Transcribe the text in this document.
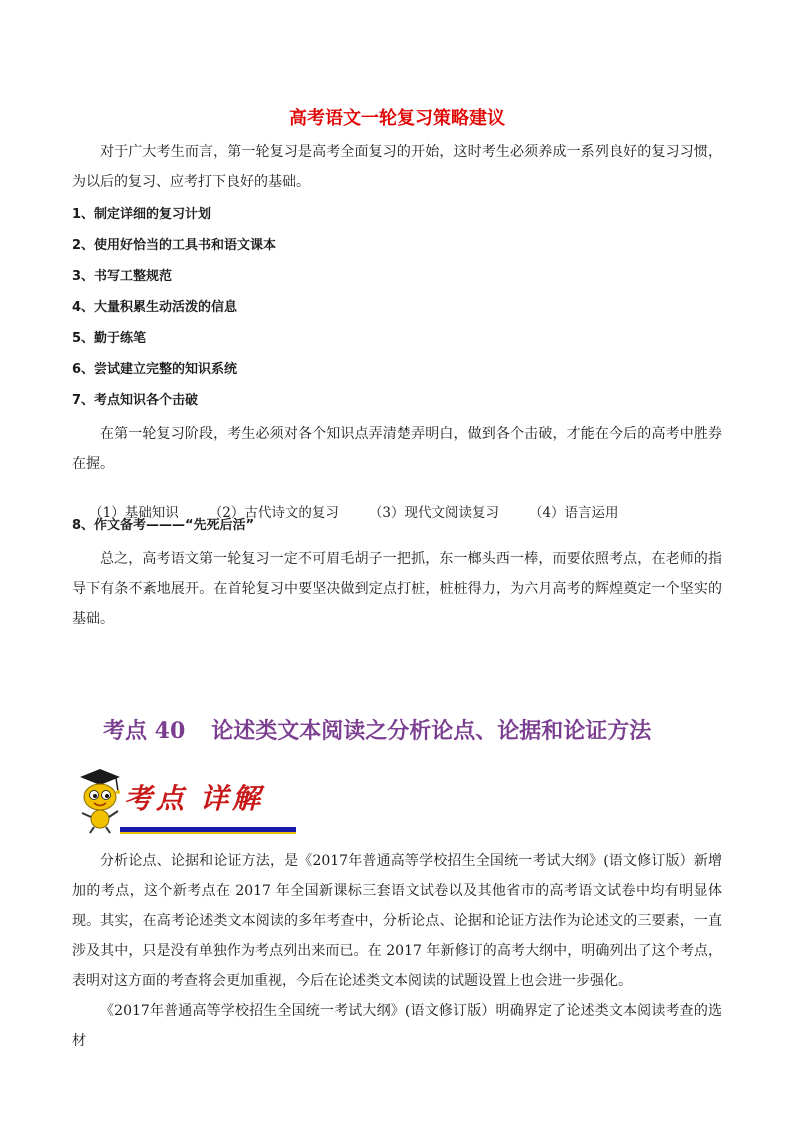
高考语文一轮复习策略建议
对于广大考生而言，第一轮复习是高考全面复习的开始，这时考生必须养成一系列良好的复习习惯，为以后的复习、应考打下良好的基础。
1、制定详细的复习计划
2、使用好恰当的工具书和语文课本
3、书写工整规范
4、大量积累生动活泼的信息
5、勤于练笔
6、尝试建立完整的知识系统
7、考点知识各个击破
在第一轮复习阶段，考生必须对各个知识点弄清楚弄明白，做到各个击破，才能在今后的高考中胜券在握。

（1）基础知识 （2）古代诗文的复习 （3）现代文阅读复习 （4）语言运用

8、作文备考———“先死后活”
总之，高考语文第一轮复习一定不可眉毛胡子一把抓，东一榔头西一棒，而要依照考点，在老师的指导下有条不紊地展开。在首轮复习中要坚决做到定点打桩，桩桩得力，为六月高考的辉煌奠定一个坚实的基础。
考点 40 论述类文本阅读之分析论点、论据和论证方法
考点 详解
分析论点、论据和论证方法，是《2017年普通高等学校招生全国统一考试大纲》(语文修订版）新增加的考点，这个新考点在 2017 年全国新课标三套语文试卷以及其他省市的高考语文试卷中均有明显体现。其实，在高考论述类文本阅读的多年考查中，分析论点、论据和论证方法作为论述文的三要素，一直涉及其中，只是没有单独作为考点列出来而已。在 2017 年新修订的高考大纲中，明确列出了这个考点，表明对这方面的考查将会更加重视，今后在论述类文本阅读的试题设置上也会进一步强化。
《2017年普通高等学校招生全国统一考试大纲》(语文修订版）明确界定了论述类文本阅读考查的选材
